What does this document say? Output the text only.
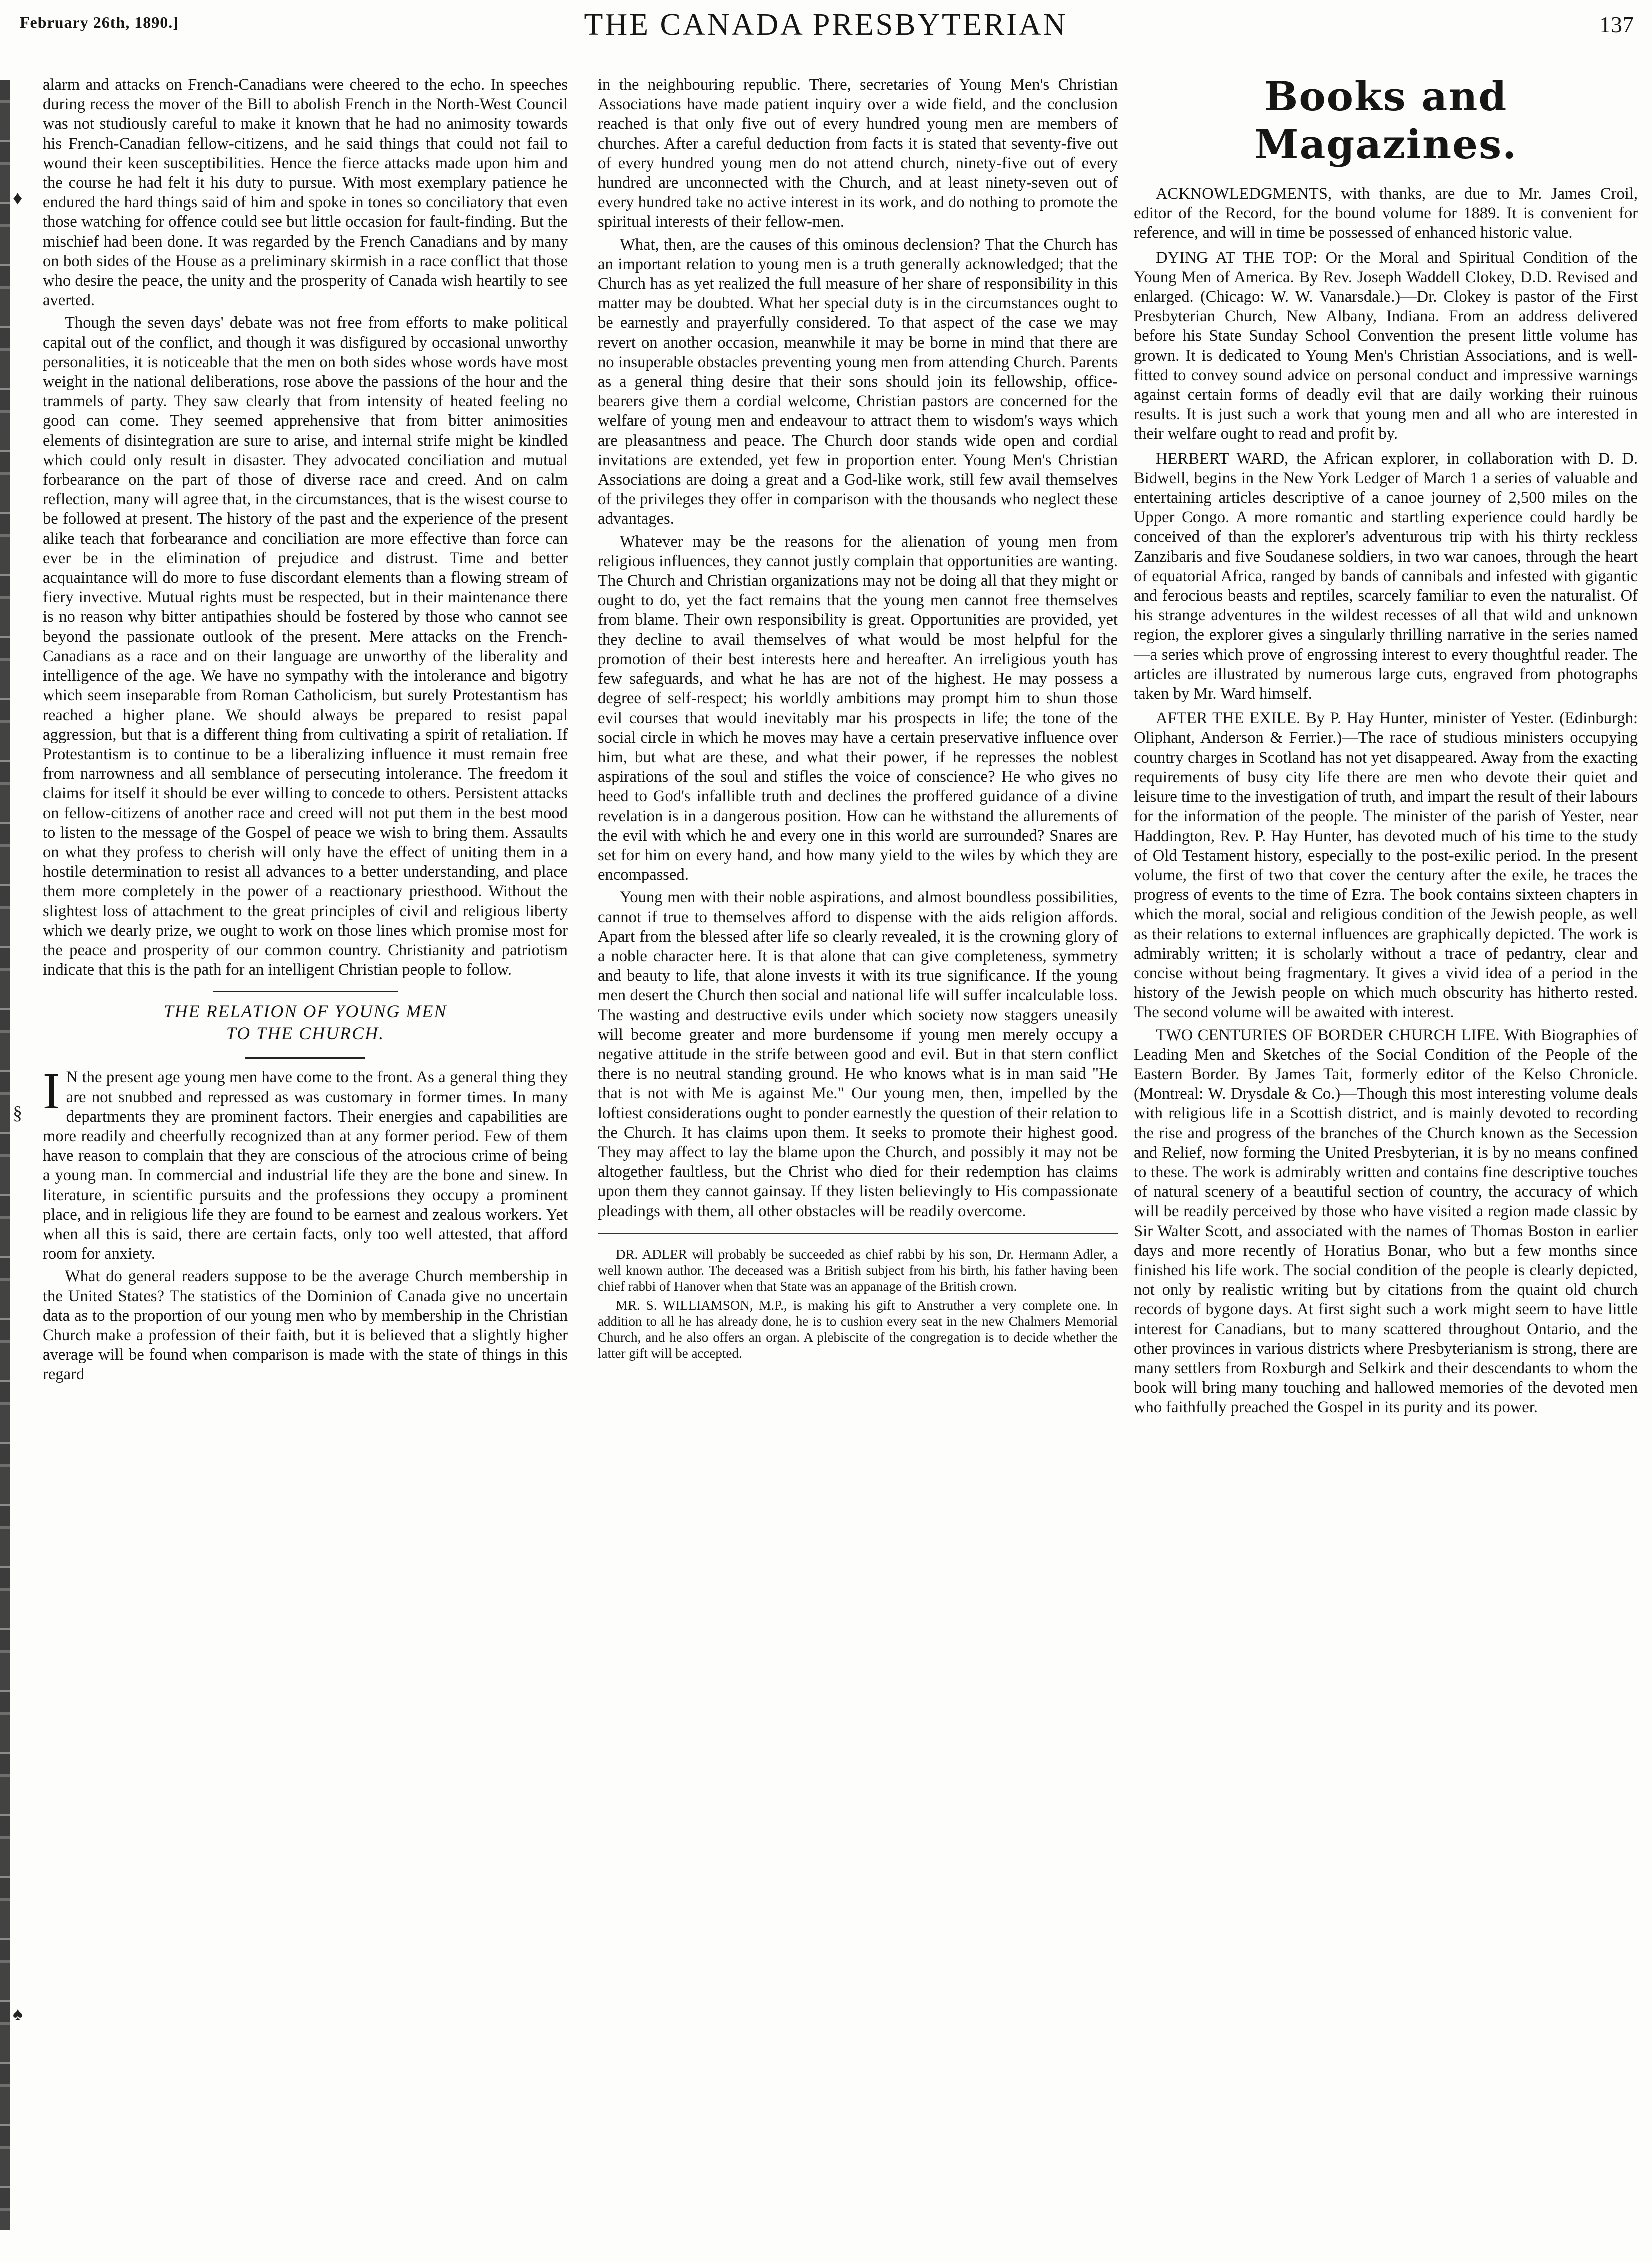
♦
§
♠
February 26th, 1890.]	THE CANADA PRESBYTERIAN	137

alarm and attacks on French-Canadians were cheered to the echo. In speeches during recess the mover of the Bill to abolish French in the North-West Council was not studiously careful to make it known that he had no animosity towards his French-Canadian fellow-citizens, and he said things that could not fail to wound their keen susceptibilities. Hence the fierce attacks made upon him and the course he had felt it his duty to pursue. With most exemplary patience he endured the hard things said of him and spoke in tones so conciliatory that even those watching for offence could see but little occasion for fault-finding. But the mischief had been done. It was regarded by the French Canadians and by many on both sides of the House as a preliminary skirmish in a race conflict that those who desire the peace, the unity and the prosperity of Canada wish heartily to see averted.

Though the seven days' debate was not free from efforts to make political capital out of the conflict, and though it was disfigured by occasional unworthy personalities, it is noticeable that the men on both sides whose words have most weight in the national deliberations, rose above the passions of the hour and the trammels of party. They saw clearly that from intensity of heated feeling no good can come. They seemed apprehensive that from bitter animosities elements of disintegration are sure to arise, and internal strife might be kindled which could only result in disaster. They advocated conciliation and mutual forbearance on the part of those of diverse race and creed. And on calm reflection, many will agree that, in the circumstances, that is the wisest course to be followed at present. The history of the past and the experience of the present alike teach that forbearance and conciliation are more effective than force can ever be in the elimination of prejudice and distrust. Time and better acquaintance will do more to fuse discordant elements than a flowing stream of fiery invective. Mutual rights must be respected, but in their maintenance there is no reason why bitter antipathies should be fostered by those who cannot see beyond the passionate outlook of the present. Mere attacks on the French-Canadians as a race and on their language are unworthy of the liberality and intelligence of the age. We have no sympathy with the intolerance and bigotry which seem inseparable from Roman Catholicism, but surely Protestantism has reached a higher plane. We should always be prepared to resist papal aggression, but that is a different thing from cultivating a spirit of retaliation. If Protestantism is to continue to be a liberalizing influence it must remain free from narrowness and all semblance of persecuting intolerance. The freedom it claims for itself it should be ever willing to concede to others. Persistent attacks on fellow-citizens of another race and creed will not put them in the best mood to listen to the message of the Gospel of peace we wish to bring them. Assaults on what they profess to cherish will only have the effect of uniting them in a hostile determination to resist all advances to a better understanding, and place them more completely in the power of a reactionary priesthood. Without the slightest loss of attachment to the great principles of civil and religious liberty which we dearly prize, we ought to work on those lines which promise most for the peace and prosperity of our common country. Christianity and patriotism indicate that this is the path for an intelligent Christian people to follow.

THE RELATION OF YOUNG MEN
TO THE CHURCH.

I N the present age young men have come to the front. As a general thing they are not snubbed and repressed as was customary in former times. In many departments they are prominent factors. Their energies and capabilities are more readily and cheerfully recognized than at any former period. Few of them have reason to complain that they are conscious of the atrocious crime of being a young man. In commercial and industrial life they are the bone and sinew. In literature, in scientific pursuits and the professions they occupy a prominent place, and in religious life they are found to be earnest and zealous workers. Yet when all this is said, there are certain facts, only too well attested, that afford room for anxiety.

What do general readers suppose to be the average Church membership in the United States? The statistics of the Dominion of Canada give no uncertain data as to the proportion of our young men who by membership in the Christian Church make a profession of their faith, but it is believed that a slightly higher average will be found when comparison is made with the state of things in this regard

in the neighbouring republic. There, secretaries of Young Men's Christian Associations have made patient inquiry over a wide field, and the conclusion reached is that only five out of every hundred young men are members of churches. After a careful deduction from facts it is stated that seventy-five out of every hundred young men do not attend church, ninety-five out of every hundred are unconnected with the Church, and at least ninety-seven out of every hundred take no active interest in its work, and do nothing to promote the spiritual interests of their fellow-men.

What, then, are the causes of this ominous declension? That the Church has an important relation to young men is a truth generally acknowledged; that the Church has as yet realized the full measure of her share of responsibility in this matter may be doubted. What her special duty is in the circumstances ought to be earnestly and prayerfully considered. To that aspect of the case we may revert on another occasion, meanwhile it may be borne in mind that there are no insuperable obstacles preventing young men from attending Church. Parents as a general thing desire that their sons should join its fellowship, office-bearers give them a cordial welcome, Christian pastors are concerned for the welfare of young men and endeavour to attract them to wisdom's ways which are pleasantness and peace. The Church door stands wide open and cordial invitations are extended, yet few in proportion enter. Young Men's Christian Associations are doing a great and a God-like work, still few avail themselves of the privileges they offer in comparison with the thousands who neglect these advantages.

Whatever may be the reasons for the alienation of young men from religious influences, they cannot justly complain that opportunities are wanting. The Church and Christian organizations may not be doing all that they might or ought to do, yet the fact remains that the young men cannot free themselves from blame. Their own responsibility is great. Opportunities are provided, yet they decline to avail themselves of what would be most helpful for the promotion of their best interests here and hereafter. An irreligious youth has few safeguards, and what he has are not of the highest. He may possess a degree of self-respect; his worldly ambitions may prompt him to shun those evil courses that would inevitably mar his prospects in life; the tone of the social circle in which he moves may have a certain preservative influence over him, but what are these, and what their power, if he represses the noblest aspirations of the soul and stifles the voice of conscience? He who gives no heed to God's infallible truth and declines the proffered guidance of a divine revelation is in a dangerous position. How can he withstand the allurements of the evil with which he and every one in this world are surrounded? Snares are set for him on every hand, and how many yield to the wiles by which they are encompassed.

Young men with their noble aspirations, and almost boundless possibilities, cannot if true to themselves afford to dispense with the aids religion affords. Apart from the blessed after life so clearly revealed, it is the crowning glory of a noble character here. It is that alone that can give completeness, symmetry and beauty to life, that alone invests it with its true significance. If the young men desert the Church then social and national life will suffer incalculable loss. The wasting and destructive evils under which society now staggers uneasily will become greater and more burdensome if young men merely occupy a negative attitude in the strife between good and evil. But in that stern conflict there is no neutral standing ground. He who knows what is in man said "He that is not with Me is against Me." Our young men, then, impelled by the loftiest considerations ought to ponder earnestly the question of their relation to the Church. It has claims upon them. It seeks to promote their highest good. They may affect to lay the blame upon the Church, and possibly it may not be altogether faultless, but the Christ who died for their redemption has claims upon them they cannot gainsay. If they listen believingly to His compassionate pleadings with them, all other obstacles will be readily overcome.

DR. ADLER will probably be succeeded as chief rabbi by his son, Dr. Hermann Adler, a well known author. The deceased was a British subject from his birth, his father having been chief rabbi of Hanover when that State was an appanage of the British crown.

MR. S. WILLIAMSON, M.P., is making his gift to Anstruther a very complete one. In addition to all he has already done, he is to cushion every seat in the new Chalmers Memorial Church, and he also offers an organ. A plebiscite of the congregation is to decide whether the latter gift will be accepted.

Books and Magazines.

ACKNOWLEDGMENTS, with thanks, are due to Mr. James Croil, editor of the Record, for the bound volume for 1889. It is convenient for reference, and will in time be possessed of enhanced historic value.

DYING AT THE TOP: Or the Moral and Spiritual Condition of the Young Men of America. By Rev. Joseph Waddell Clokey, D.D. Revised and enlarged. (Chicago: W. W. Vanarsdale.)—Dr. Clokey is pastor of the First Presbyterian Church, New Albany, Indiana. From an address delivered before his State Sunday School Convention the present little volume has grown. It is dedicated to Young Men's Christian Associations, and is well-fitted to convey sound advice on personal conduct and impressive warnings against certain forms of deadly evil that are daily working their ruinous results. It is just such a work that young men and all who are interested in their welfare ought to read and profit by.

HERBERT WARD, the African explorer, in collaboration with D. D. Bidwell, begins in the New York Ledger of March 1 a series of valuable and entertaining articles descriptive of a canoe journey of 2,500 miles on the Upper Congo. A more romantic and startling experience could hardly be conceived of than the explorer's adventurous trip with his thirty reckless Zanzibaris and five Soudanese soldiers, in two war canoes, through the heart of equatorial Africa, ranged by bands of cannibals and infested with gigantic and ferocious beasts and reptiles, scarcely familiar to even the naturalist. Of his strange adventures in the wildest recesses of all that wild and unknown region, the explorer gives a singularly thrilling narrative in the series named—a series which prove of engrossing interest to every thoughtful reader. The articles are illustrated by numerous large cuts, engraved from photographs taken by Mr. Ward himself.

AFTER THE EXILE. By P. Hay Hunter, minister of Yester. (Edinburgh: Oliphant, Anderson & Ferrier.)—The race of studious ministers occupying country charges in Scotland has not yet disappeared. Away from the exacting requirements of busy city life there are men who devote their quiet and leisure time to the investigation of truth, and impart the result of their labours for the information of the people. The minister of the parish of Yester, near Haddington, Rev. P. Hay Hunter, has devoted much of his time to the study of Old Testament history, especially to the post-exilic period. In the present volume, the first of two that cover the century after the exile, he traces the progress of events to the time of Ezra. The book contains sixteen chapters in which the moral, social and religious condition of the Jewish people, as well as their relations to external influences are graphically depicted. The work is admirably written; it is scholarly without a trace of pedantry, clear and concise without being fragmentary. It gives a vivid idea of a period in the history of the Jewish people on which much obscurity has hitherto rested. The second volume will be awaited with interest.

TWO CENTURIES OF BORDER CHURCH LIFE. With Biographies of Leading Men and Sketches of the Social Condition of the People of the Eastern Border. By James Tait, formerly editor of the Kelso Chronicle. (Montreal: W. Drysdale & Co.)—Though this most interesting volume deals with religious life in a Scottish district, and is mainly devoted to recording the rise and progress of the branches of the Church known as the Secession and Relief, now forming the United Presbyterian, it is by no means confined to these. The work is admirably written and contains fine descriptive touches of natural scenery of a beautiful section of country, the accuracy of which will be readily perceived by those who have visited a region made classic by Sir Walter Scott, and associated with the names of Thomas Boston in earlier days and more recently of Horatius Bonar, who but a few months since finished his life work. The social condition of the people is clearly depicted, not only by realistic writing but by citations from the quaint old church records of bygone days. At first sight such a work might seem to have little interest for Canadians, but to many scattered throughout Ontario, and the other provinces in various districts where Presbyterianism is strong, there are many settlers from Roxburgh and Selkirk and their descendants to whom the book will bring many touching and hallowed memories of the devoted men who faithfully preached the Gospel in its purity and its power.
